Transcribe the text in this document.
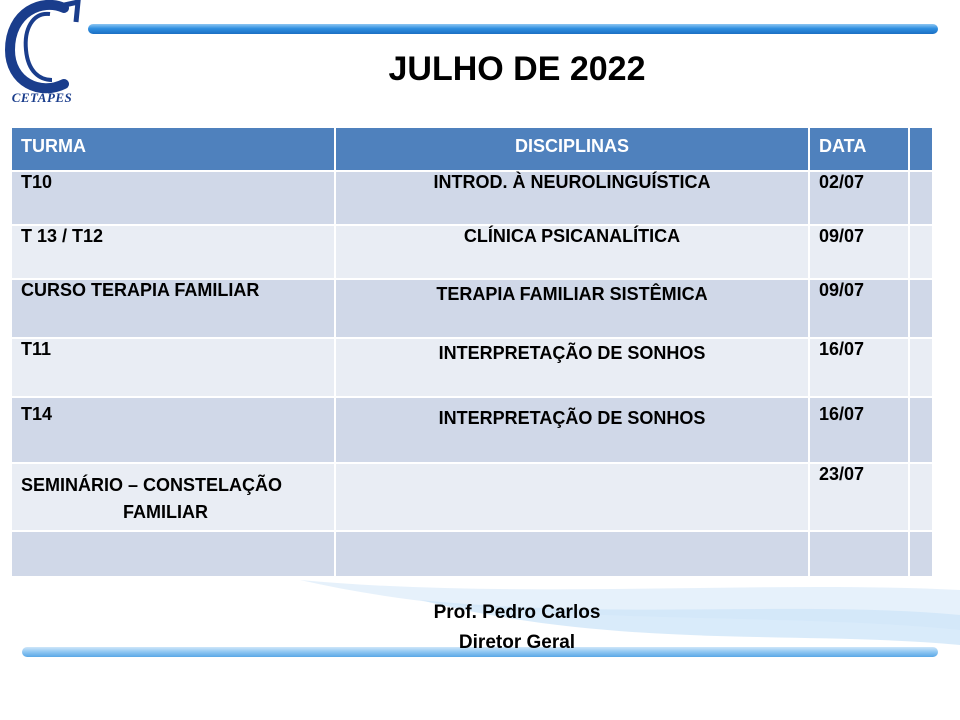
CETAPES
JULHO DE 2022
TURMA	DISCIPLINAS	DATA	
T10	INTROD. À NEUROLINGUÍSTICA	02/07	
T 13 / T12	CLÍNICA PSICANALÍTICA	09/07	
CURSO TERAPIA FAMILIAR	TERAPIA FAMILIAR SISTÊMICA	09/07	
T11	INTERPRETAÇÃO DE SONHOS	16/07	
T14	INTERPRETAÇÃO DE SONHOS	16/07	

SEMINÁRIO – CONSTELAÇÃO
FAMILIAR		23/07	

Prof. Pedro Carlos
Diretor Geral
